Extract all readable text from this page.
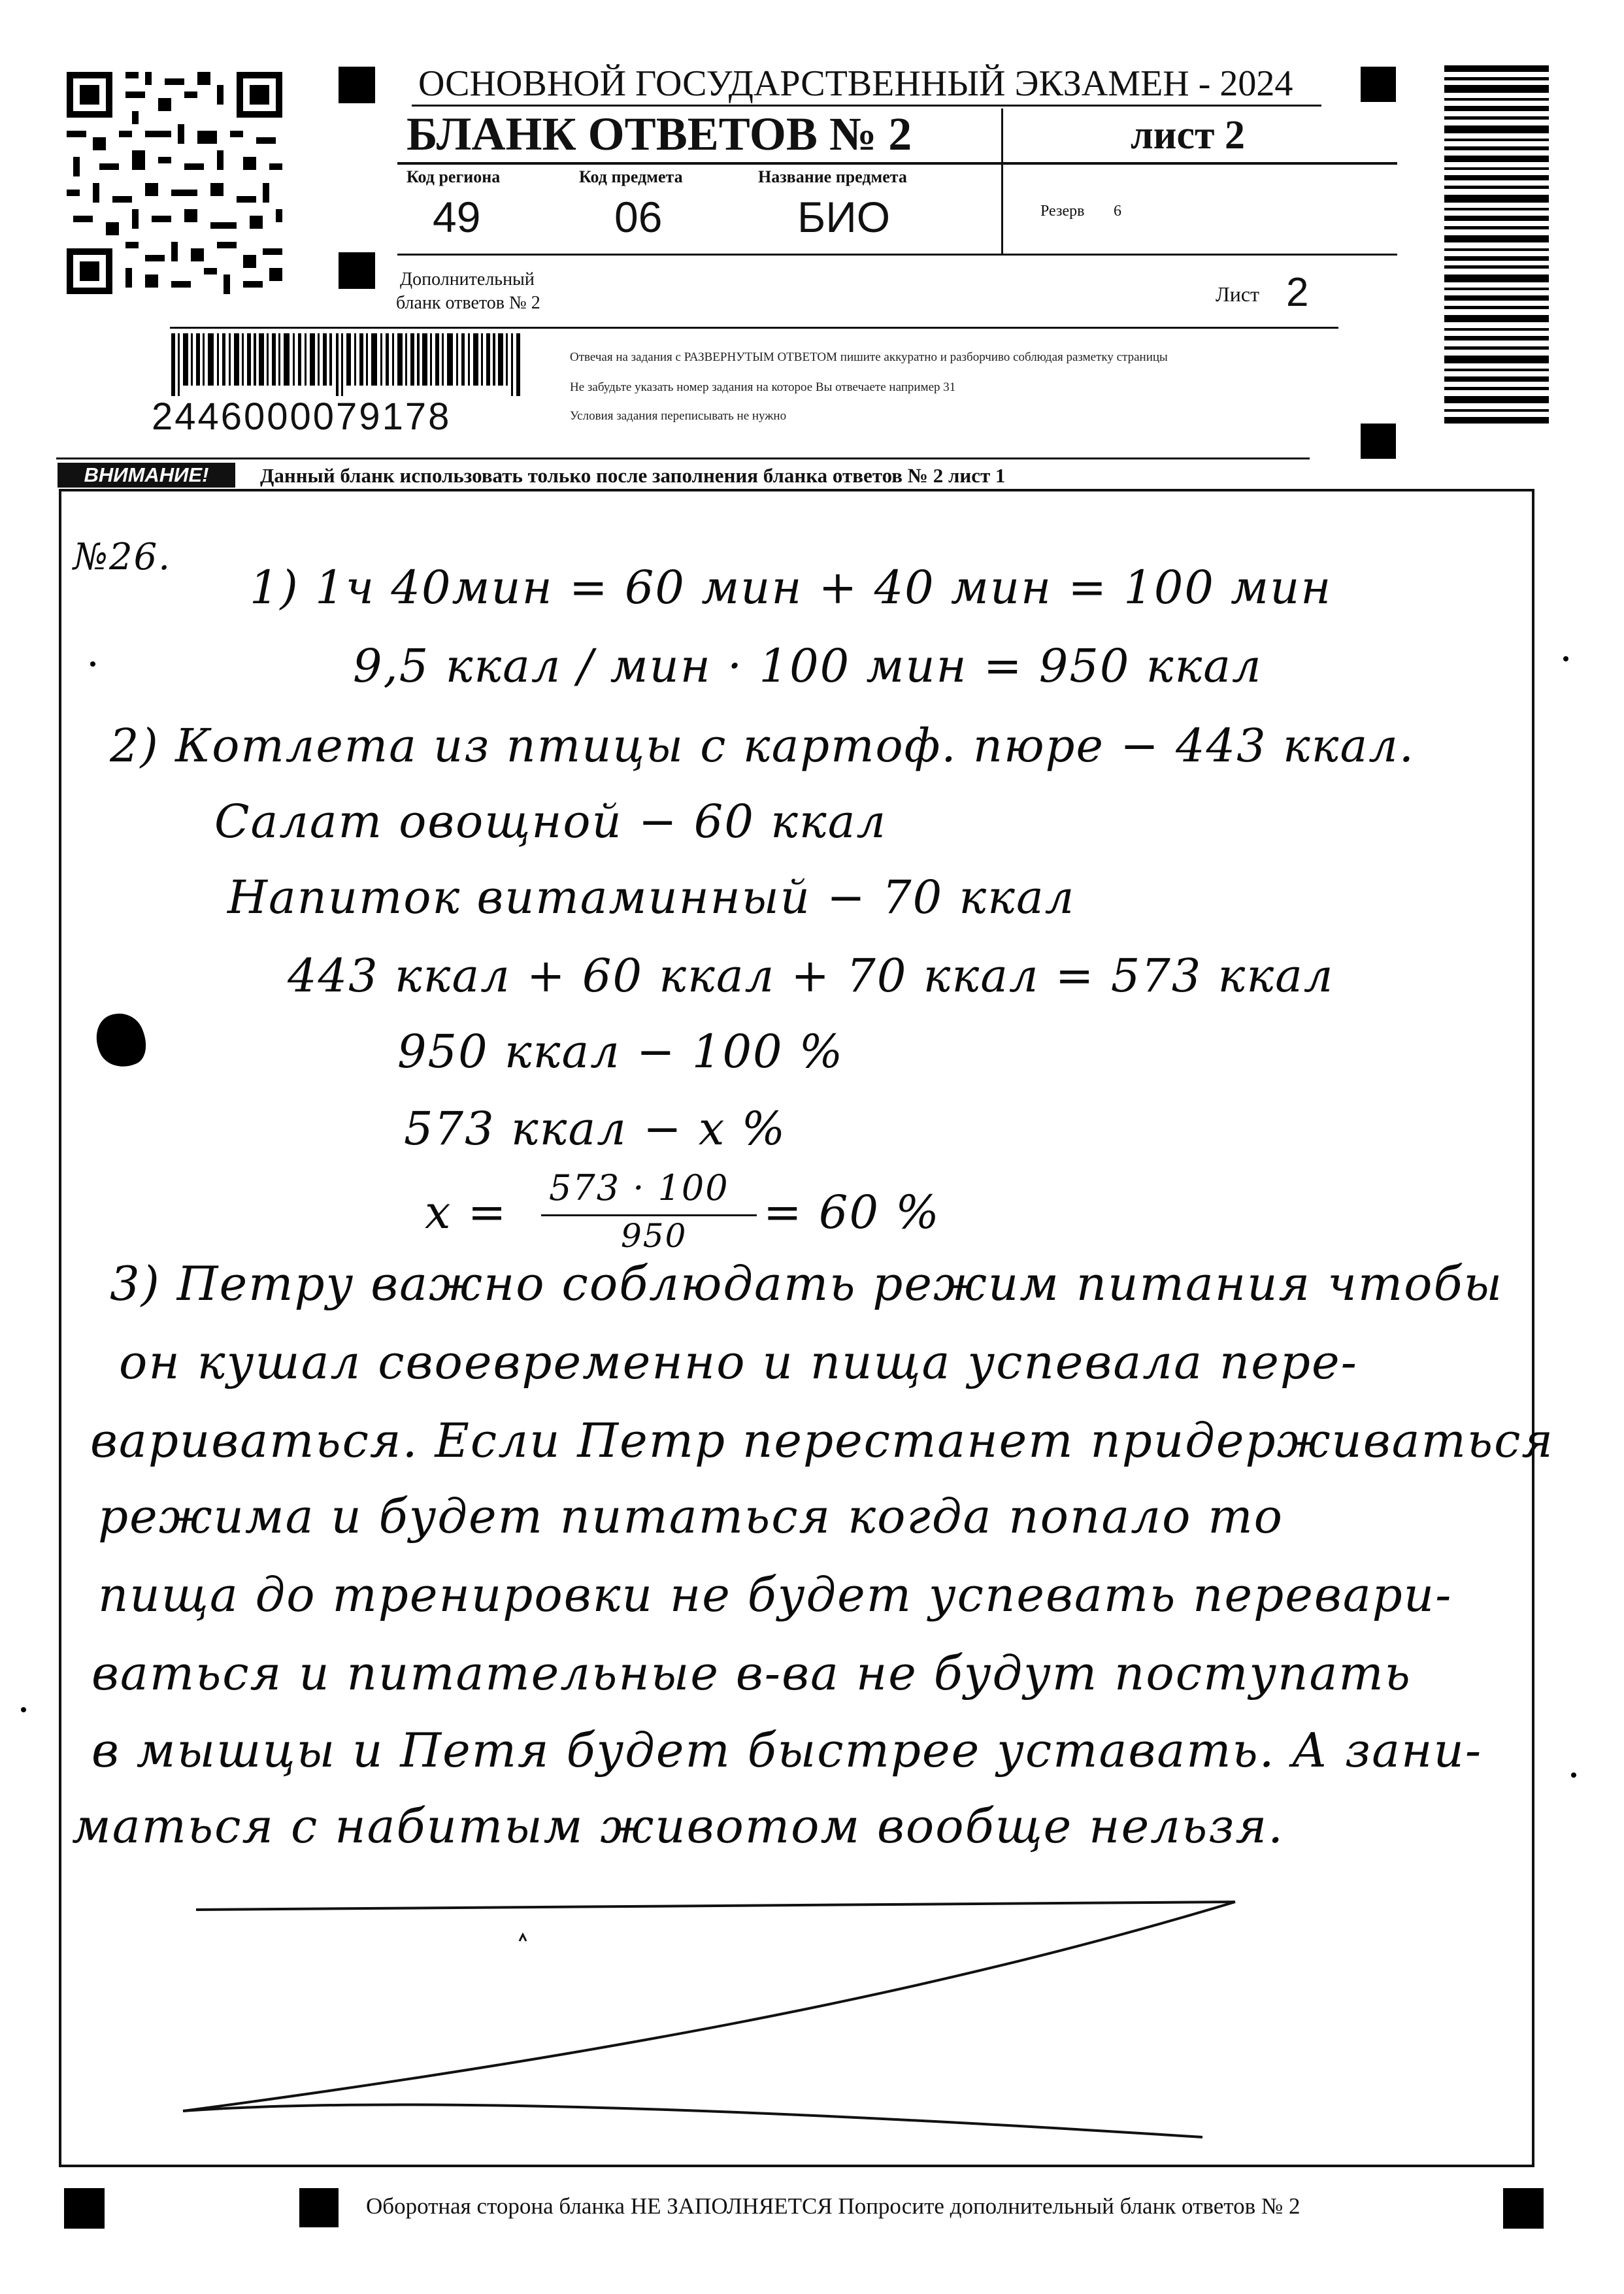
ОСНОВНОЙ ГОСУДАРСТВЕННЫЙ ЭКЗАМЕН - 2024
БЛАНК ОТВЕТОВ № 2	лист 2
Код региона
49
Код предмета
06
Название предмета
БИО	Резерв 6
Дополнительный
бланк ответов № 2	Лист 2
2446000079178
Отвечая на задания с РАЗВЕРНУТЫМ ОТВЕТОМ пишите аккуратно и разборчиво соблюдая разметку страницы
Не забудьте указать номер задания на которое Вы отвечаете например 31
Условия задания переписывать не нужно
ВНИМАНИЕ!	Данный бланк использовать только после заполнения бланка ответов № 2 лист 1
№26.
1) 1ч 40мин = 60 мин + 40 мин = 100 мин
9,5 ккал / мин · 100 мин = 950 ккал
2) Котлета из птицы с картоф. пюре − 443 ккал.
Салат овощной − 60 ккал
Напиток витаминный − 70 ккал
443 ккал + 60 ккал + 70 ккал = 573 ккал
950 ккал − 100 %
573 ккал − x %
x = 573 · 100
950 = 60 %
3) Петру важно соблюдать режим питания чтобы
он кушал своевременно и пища успевала пере-
вариваться. Если Петр перестанет придерживаться
режима и будет питаться когда попало то
пища до тренировки не будет успевать перевари-
ваться и питательные в-ва не будут поступать
в мышцы и Петя будет быстрее уставать. А зани-
маться с набитым животом вообще нельзя.
Оборотная сторона бланка НЕ ЗАПОЛНЯЕТСЯ Попросите дополнительный бланк ответов № 2
